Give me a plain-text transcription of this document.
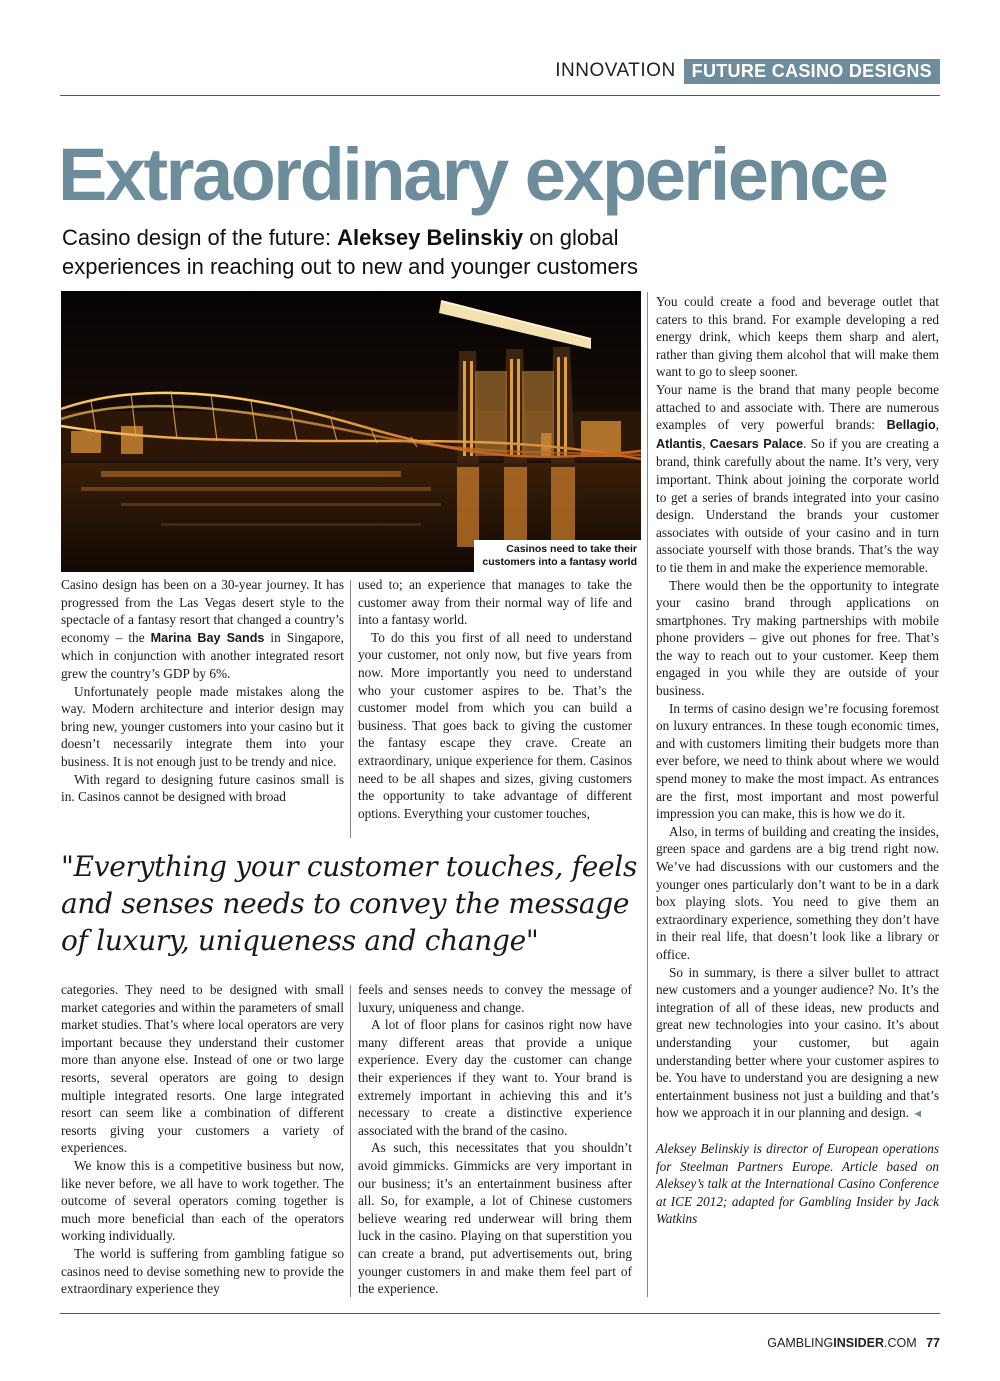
INNOVATION FUTURE CASINO DESIGNS
Extraordinary experience
Casino design of the future: Aleksey Belinskiy on global experiences in reaching out to new and younger customers
Casinos need to take their
customers into a fantasy world

Casino design has been on a 30-year journey. It has progressed from the Las Vegas desert style to the spectacle of a fantasy resort that changed a country’s economy – the Marina Bay Sands in Singapore, which in conjunction with another integrated resort grew the country’s GDP by 6%.

Unfortunately people made mistakes along the way. Modern architecture and interior design may bring new, younger customers into your casino but it doesn’t necessarily integrate them into your business. It is not enough just to be trendy and nice.

With regard to designing future casinos small is in. Casinos cannot be designed with broad

used to; an experience that manages to take the customer away from their normal way of life and into a fantasy world.

To do this you first of all need to understand your customer, not only now, but five years from now. More importantly you need to understand who your customer aspires to be. That’s the customer model from which you can build a business. That goes back to giving the customer the fantasy escape they crave. Create an extraordinary, unique experience for them. Casinos need to be all shapes and sizes, giving customers the opportunity to take advantage of different options. Everything your customer touches,

"Everything your customer touches, feels and senses needs to convey the message of luxury, uniqueness and change"

categories. They need to be designed with small market categories and within the parameters of small market studies. That’s where local operators are very important because they understand their customer more than anyone else. Instead of one or two large resorts, several operators are going to design multiple integrated resorts. One large integrated resort can seem like a combination of different resorts giving your customers a variety of experiences.

We know this is a competitive business but now, like never before, we all have to work together. The outcome of several operators coming together is much more beneficial than each of the operators working individually.

The world is suffering from gambling fatigue so casinos need to devise something new to provide the extraordinary experience they

feels and senses needs to convey the message of luxury, uniqueness and change.

A lot of floor plans for casinos right now have many different areas that provide a unique experience. Every day the customer can change their experiences if they want to. Your brand is extremely important in achieving this and it’s necessary to create a distinctive experience associated with the brand of the casino.

As such, this necessitates that you shouldn’t avoid gimmicks. Gimmicks are very important in our business; it’s an entertainment business after all. So, for example, a lot of Chinese customers believe wearing red underwear will bring them luck in the casino. Playing on that superstition you can create a brand, put advertisements out, bring younger customers in and make them feel part of the experience.

You could create a food and beverage outlet that caters to this brand. For example developing a red energy drink, which keeps them sharp and alert, rather than giving them alcohol that will make them want to go to sleep sooner.

Your name is the brand that many people become attached to and associate with. There are numerous examples of very powerful brands: Bellagio, Atlantis, Caesars Palace. So if you are creating a brand, think carefully about the name. It’s very, very important. Think about joining the corporate world to get a series of brands integrated into your casino design. Understand the brands your customer associates with outside of your casino and in turn associate yourself with those brands. That’s the way to tie them in and make the experience memorable.

There would then be the opportunity to integrate your casino brand through applications on smartphones. Try making partnerships with mobile phone providers – give out phones for free. That’s the way to reach out to your customer. Keep them engaged in you while they are outside of your business.

In terms of casino design we’re focusing foremost on luxury entrances. In these tough economic times, and with customers limiting their budgets more than ever before, we need to think about where we would spend money to make the most impact. As entrances are the first, most important and most powerful impression you can make, this is how we do it.

Also, in terms of building and creating the insides, green space and gardens are a big trend right now. We’ve had discussions with our customers and the younger ones particularly don’t want to be in a dark box playing slots. You need to give them an extraordinary experience, something they don’t have in their real life, that doesn’t look like a library or office.

So in summary, is there a silver bullet to attract new customers and a younger audience? No. It’s the integration of all of these ideas, new products and great new technologies into your casino. It’s about understanding your customer, but again understanding better where your customer aspires to be. You have to understand you are designing a new entertainment business not just a building and that’s how we approach it in our planning and design. ◄

Aleksey Belinskiy is director of European operations for Steelman Partners Europe. Article based on Aleksey’s talk at the International Casino Conference at ICE 2012; adapted for Gambling Insider by Jack Watkins

GAMBLINGINSIDER.COM 77
